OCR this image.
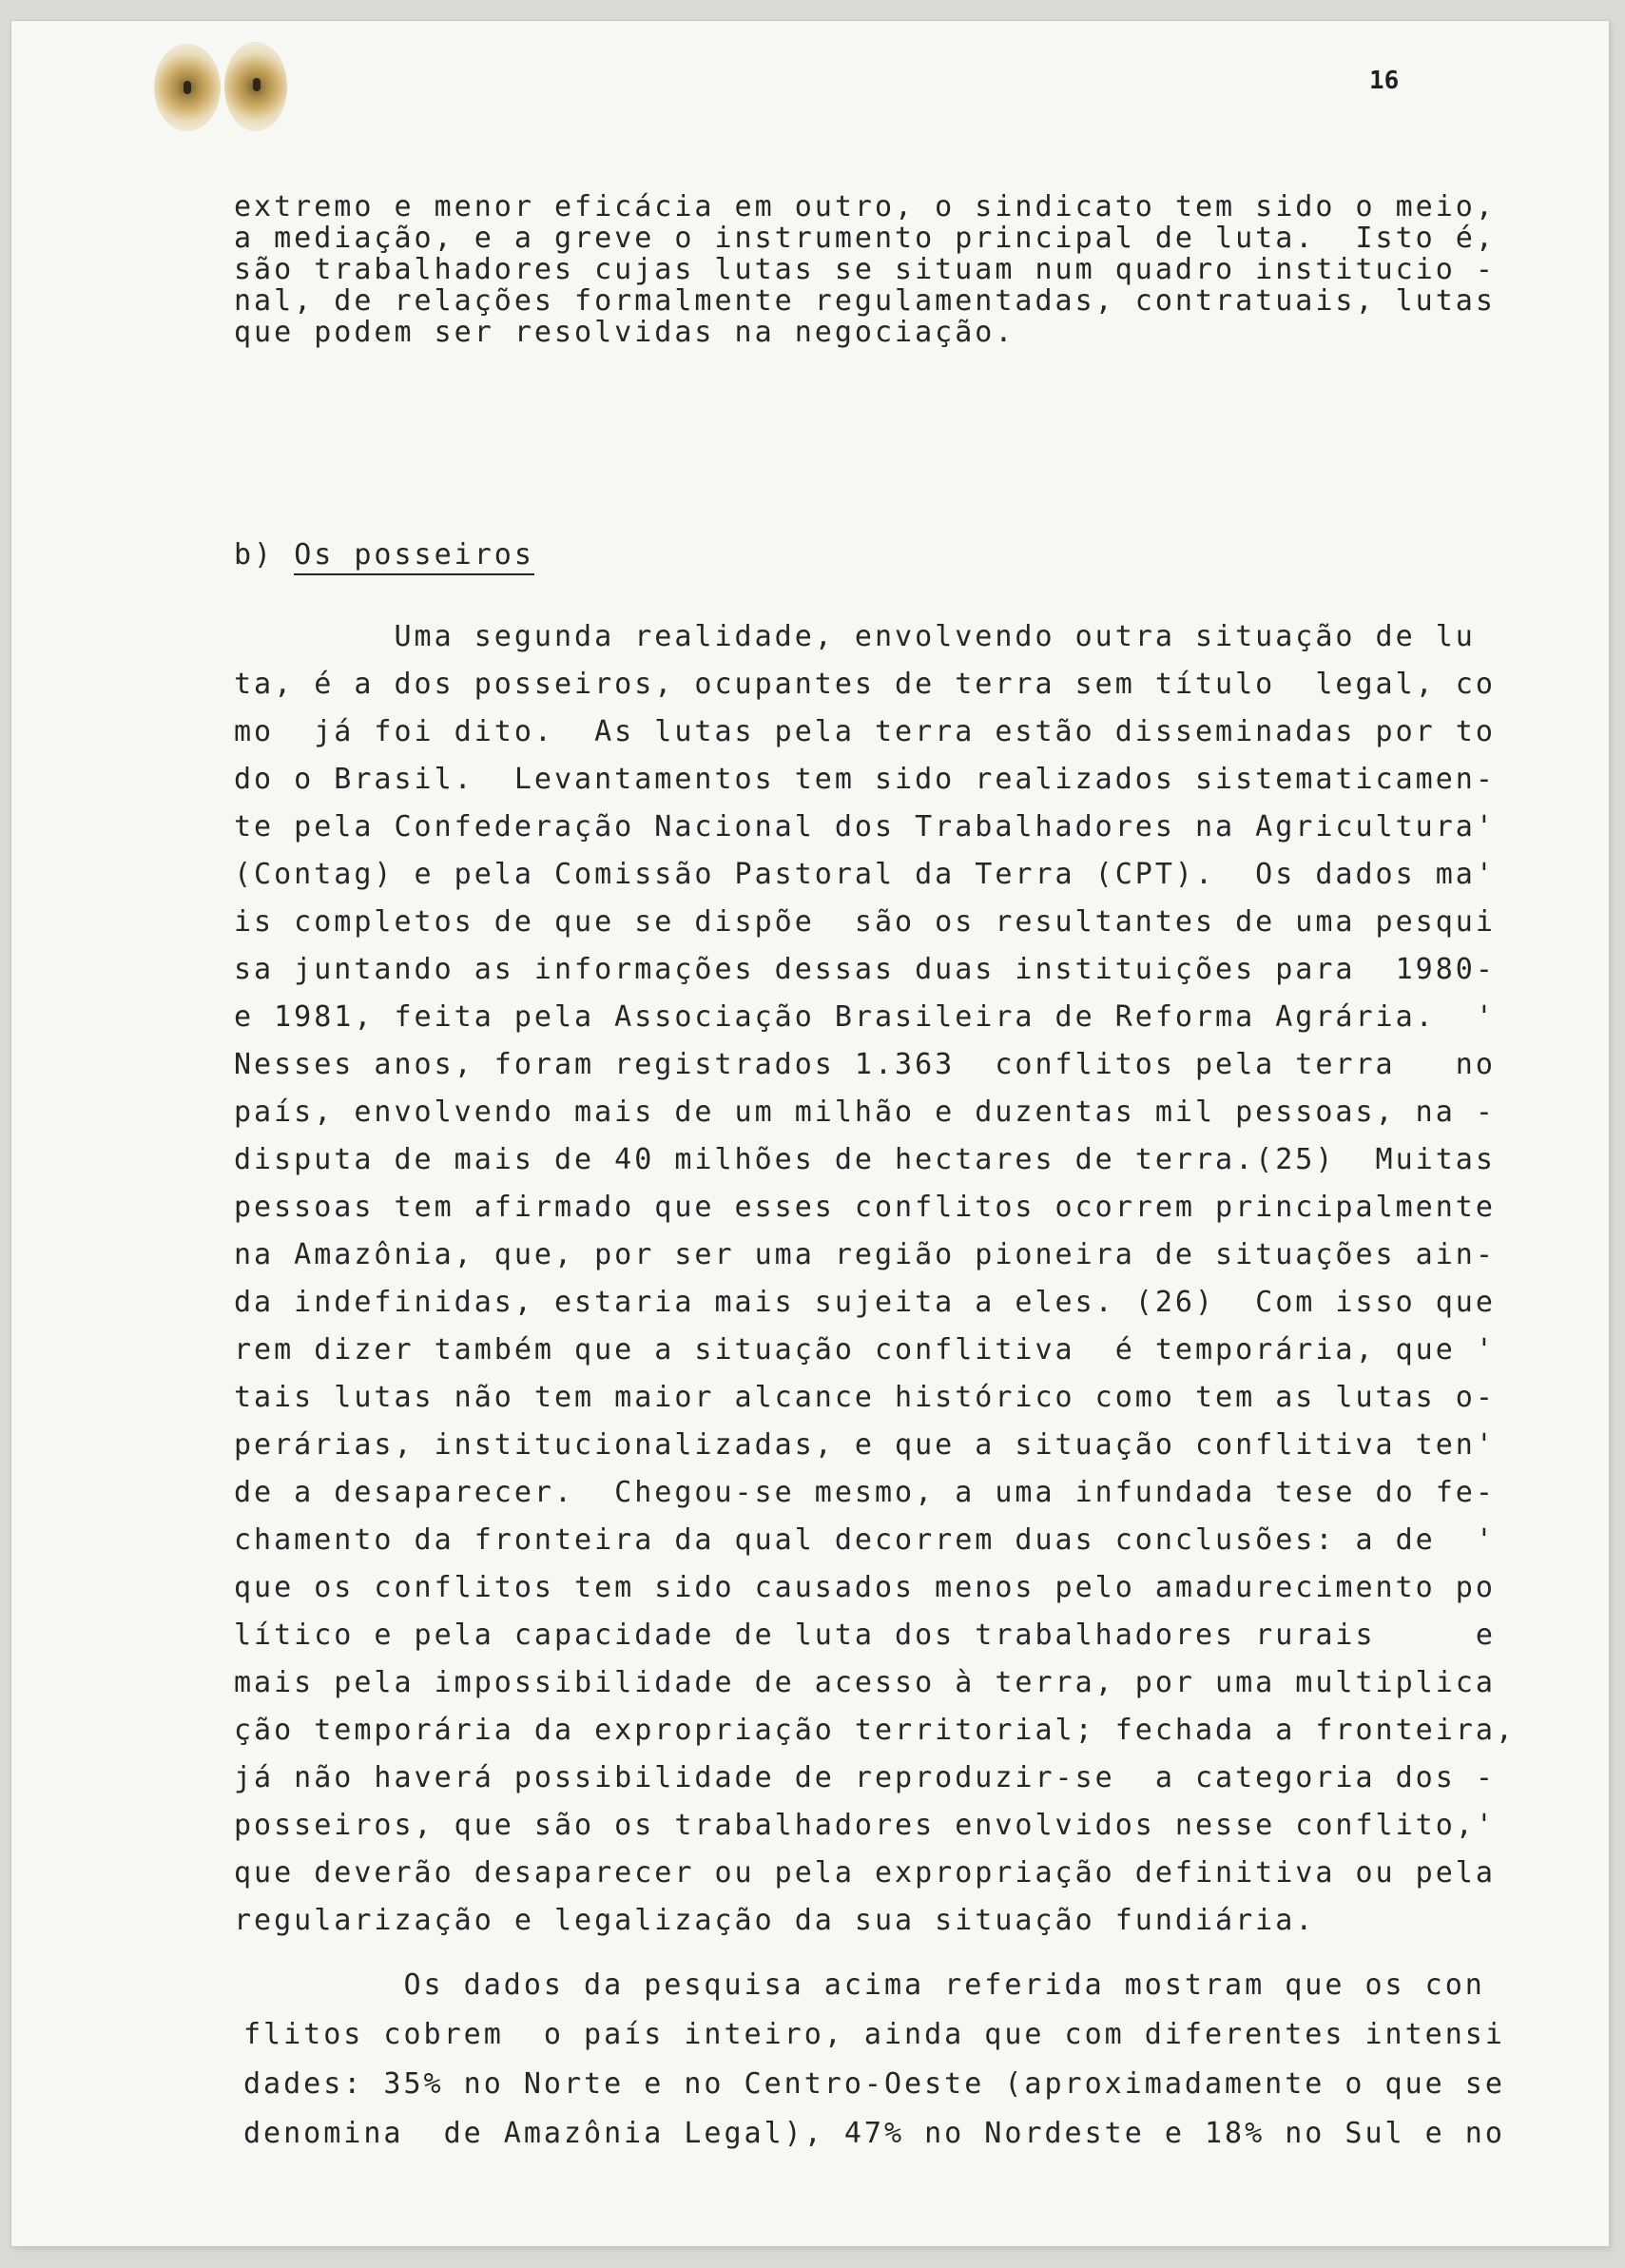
16
extremo e menor eficácia em outro, o sindicato tem sido o meio,
a mediação, e a greve o instrumento principal de luta.  Isto é,
são trabalhadores cujas lutas se situam num quadro institucio -
nal, de relações formalmente regulamentadas, contratuais, lutas
que podem ser resolvidas na negociação.
b) Os posseiros
Uma segunda realidade, envolvendo outra situação de lu
ta, é a dos posseiros, ocupantes de terra sem título  legal, co
mo  já foi dito.  As lutas pela terra estão disseminadas por to
do o Brasil.  Levantamentos tem sido realizados sistematicamen-
te pela Confederação Nacional dos Trabalhadores na Agricultura'
(Contag) e pela Comissão Pastoral da Terra (CPT).  Os dados ma'
is completos de que se dispõe  são os resultantes de uma pesqui
sa juntando as informações dessas duas instituições para  1980-
e 1981, feita pela Associação Brasileira de Reforma Agrária.  '
Nesses anos, foram registrados 1.363  conflitos pela terra   no
país, envolvendo mais de um milhão e duzentas mil pessoas, na -
disputa de mais de 40 milhões de hectares de terra.(25)  Muitas
pessoas tem afirmado que esses conflitos ocorrem principalmente
na Amazônia, que, por ser uma região pioneira de situações ain-
da indefinidas, estaria mais sujeita a eles. (26)  Com isso que
rem dizer também que a situação conflitiva  é temporária, que '
tais lutas não tem maior alcance histórico como tem as lutas o-
perárias, institucionalizadas, e que a situação conflitiva ten'
de a desaparecer.  Chegou-se mesmo, a uma infundada tese do fe-
chamento da fronteira da qual decorrem duas conclusões: a de  '
que os conflitos tem sido causados menos pelo amadurecimento po
lítico e pela capacidade de luta dos trabalhadores rurais     e
mais pela impossibilidade de acesso à terra, por uma multiplica
ção temporária da expropriação territorial; fechada a fronteira,
já não haverá possibilidade de reproduzir-se  a categoria dos -
posseiros, que são os trabalhadores envolvidos nesse conflito,'
que deverão desaparecer ou pela expropriação definitiva ou pela
regularização e legalização da sua situação fundiária.
Os dados da pesquisa acima referida mostram que os con
flitos cobrem  o país inteiro, ainda que com diferentes intensi
dades: 35% no Norte e no Centro-Oeste (aproximadamente o que se
denomina  de Amazônia Legal), 47% no Nordeste e 18% no Sul e no
